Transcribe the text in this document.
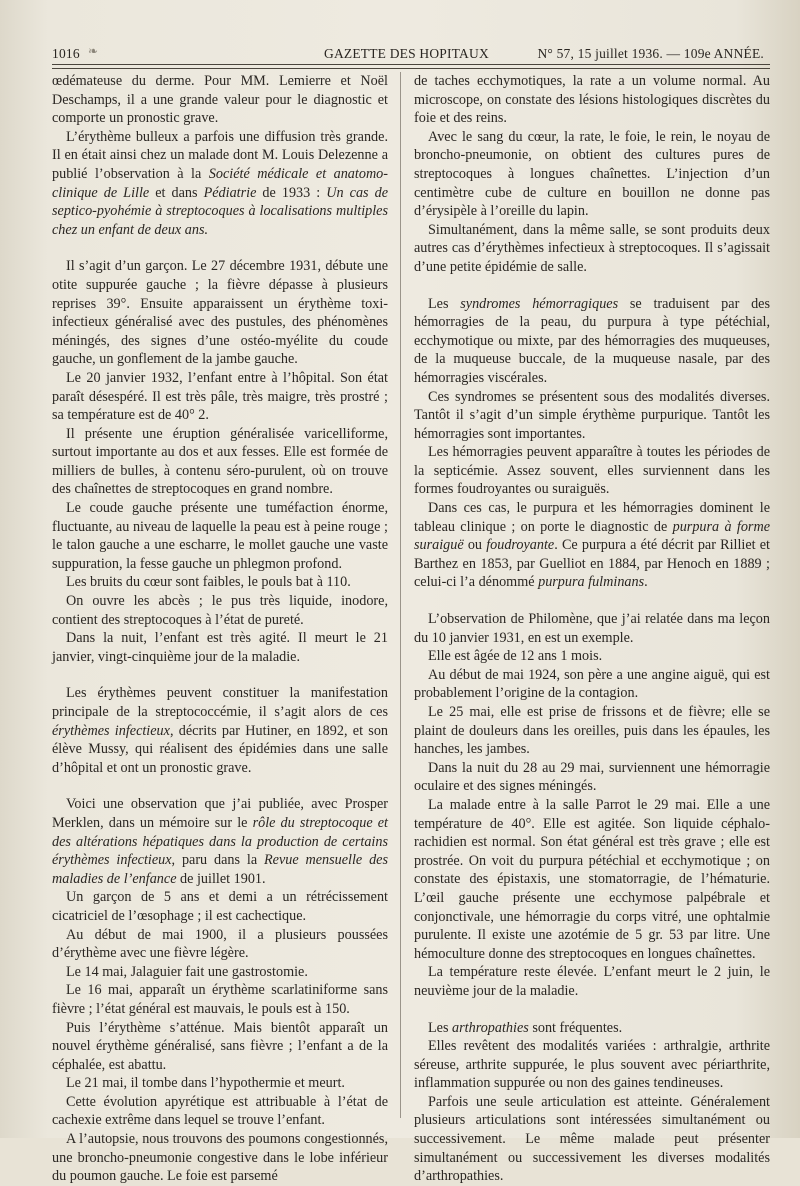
1016 ❧	GAZETTE DES HOPITAUX	N° 57, 15 juillet 1936. — 109e ANNÉE.

œdémateuse du derme. Pour MM. Lemierre et Noël Deschamps, il a une grande valeur pour le diagnostic et comporte un pronostic grave.

L’érythème bulleux a parfois une diffusion très grande. Il en était ainsi chez un malade dont M. Louis Delezenne a publié l’observation à la Société médicale et anatomo-clinique de Lille et dans Pédiatrie de 1933 : Un cas de septico-pyohémie à streptocoques à localisations multiples chez un enfant de deux ans.

Il s’agit d’un garçon. Le 27 décembre 1931, débute une otite suppurée gauche ; la fièvre dépasse à plusieurs reprises 39°. Ensuite apparaissent un érythème toxi-infectieux généralisé avec des pustules, des phénomènes méningés, des signes d’une ostéo-myélite du coude gauche, un gonflement de la jambe gauche.

Le 20 janvier 1932, l’enfant entre à l’hôpital. Son état paraît désespéré. Il est très pâle, très maigre, très prostré ; sa température est de 40° 2.

Il présente une éruption généralisée varicelliforme, surtout importante au dos et aux fesses. Elle est formée de milliers de bulles, à contenu séro-purulent, où on trouve des chaînettes de streptocoques en grand nombre.

Le coude gauche présente une tuméfaction énorme, fluctuante, au niveau de laquelle la peau est à peine rouge ; le talon gauche a une escharre, le mollet gauche une vaste suppuration, la fesse gauche un phlegmon profond.

Les bruits du cœur sont faibles, le pouls bat à 110.

On ouvre les abcès ; le pus très liquide, inodore, contient des streptocoques à l’état de pureté.

Dans la nuit, l’enfant est très agité. Il meurt le 21 janvier, vingt-cinquième jour de la maladie.

Les érythèmes peuvent constituer la manifestation principale de la streptococcémie, il s’agit alors de ces érythèmes infectieux, décrits par Hutiner, en 1892, et son élève Mussy, qui réalisent des épidémies dans une salle d’hôpital et ont un pronostic grave.

Voici une observation que j’ai publiée, avec Prosper Merklen, dans un mémoire sur le rôle du streptocoque et des altérations hépatiques dans la production de certains érythèmes infectieux, paru dans la Revue mensuelle des maladies de l’enfance de juillet 1901.

Un garçon de 5 ans et demi a un rétrécissement cicatriciel de l’œsophage ; il est cachectique.

Au début de mai 1900, il a plusieurs poussées d’érythème avec une fièvre légère.

Le 14 mai, Jalaguier fait une gastrostomie.

Le 16 mai, apparaît un érythème scarlatiniforme sans fièvre ; l’état général est mauvais, le pouls est à 150.

Puis l’érythème s’atténue. Mais bientôt apparaît un nouvel érythème généralisé, sans fièvre ; l’enfant a de la céphalée, est abattu.

Le 21 mai, il tombe dans l’hypothermie et meurt.

Cette évolution apyrétique est attribuable à l’état de cachexie extrême dans lequel se trouve l’enfant.

A l’autopsie, nous trouvons des poumons congestionnés, une broncho-pneumonie congestive dans le lobe inférieur du poumon gauche. Le foie est parsemé

de taches ecchymotiques, la rate a un volume normal. Au microscope, on constate des lésions histologiques discrètes du foie et des reins.

Avec le sang du cœur, la rate, le foie, le rein, le noyau de broncho-pneumonie, on obtient des cultures pures de streptocoques à longues chaînettes. L’injection d’un centimètre cube de culture en bouillon ne donne pas d’érysipèle à l’oreille du lapin.

Simultanément, dans la même salle, se sont produits deux autres cas d’érythèmes infectieux à streptocoques. Il s’agissait d’une petite épidémie de salle.

Les syndromes hémorragiques se traduisent par des hémorragies de la peau, du purpura à type pétéchial, ecchymotique ou mixte, par des hémorragies des muqueuses, de la muqueuse buccale, de la muqueuse nasale, par des hémorragies viscérales.

Ces syndromes se présentent sous des modalités diverses. Tantôt il s’agit d’un simple érythème purpurique. Tantôt les hémorragies sont importantes.

Les hémorragies peuvent apparaître à toutes les périodes de la septicémie. Assez souvent, elles surviennent dans les formes foudroyantes ou suraiguës.

Dans ces cas, le purpura et les hémorragies dominent le tableau clinique ; on porte le diagnostic de purpura à forme suraiguë ou foudroyante. Ce purpura a été décrit par Rilliet et Barthez en 1853, par Guelliot en 1884, par Henoch en 1889 ; celui-ci l’a dénommé purpura fulminans.

L’observation de Philomène, que j’ai relatée dans ma leçon du 10 janvier 1931, en est un exemple.

Elle est âgée de 12 ans 1 mois.

Au début de mai 1924, son père a une angine aiguë, qui est probablement l’origine de la contagion.

Le 25 mai, elle est prise de frissons et de fièvre; elle se plaint de douleurs dans les oreilles, puis dans les épaules, les hanches, les jambes.

Dans la nuit du 28 au 29 mai, surviennent une hémorragie oculaire et des signes méningés.

La malade entre à la salle Parrot le 29 mai. Elle a une température de 40°. Elle est agitée. Son liquide céphalo-rachidien est normal. Son état général est très grave ; elle est prostrée. On voit du purpura pétéchial et ecchymotique ; on constate des épistaxis, une stomatorragie, de l’hématurie. L’œil gauche présente une ecchymose palpébrale et conjonctivale, une hémorragie du corps vitré, une ophtalmie purulente. Il existe une azotémie de 5 gr. 53 par litre. Une hémoculture donne des streptocoques en longues chaînettes.

La température reste élevée. L’enfant meurt le 2 juin, le neuvième jour de la maladie.

Les arthropathies sont fréquentes.

Elles revêtent des modalités variées : arthralgie, arthrite séreuse, arthrite suppurée, le plus souvent avec périarthrite, inflammation suppurée ou non des gaines tendineuses.

Parfois une seule articulation est atteinte. Généralement plusieurs articulations sont intéressées simultanément ou successivement. Le même malade peut présenter simultanément ou successivement les diverses modalités d’arthropathies.
